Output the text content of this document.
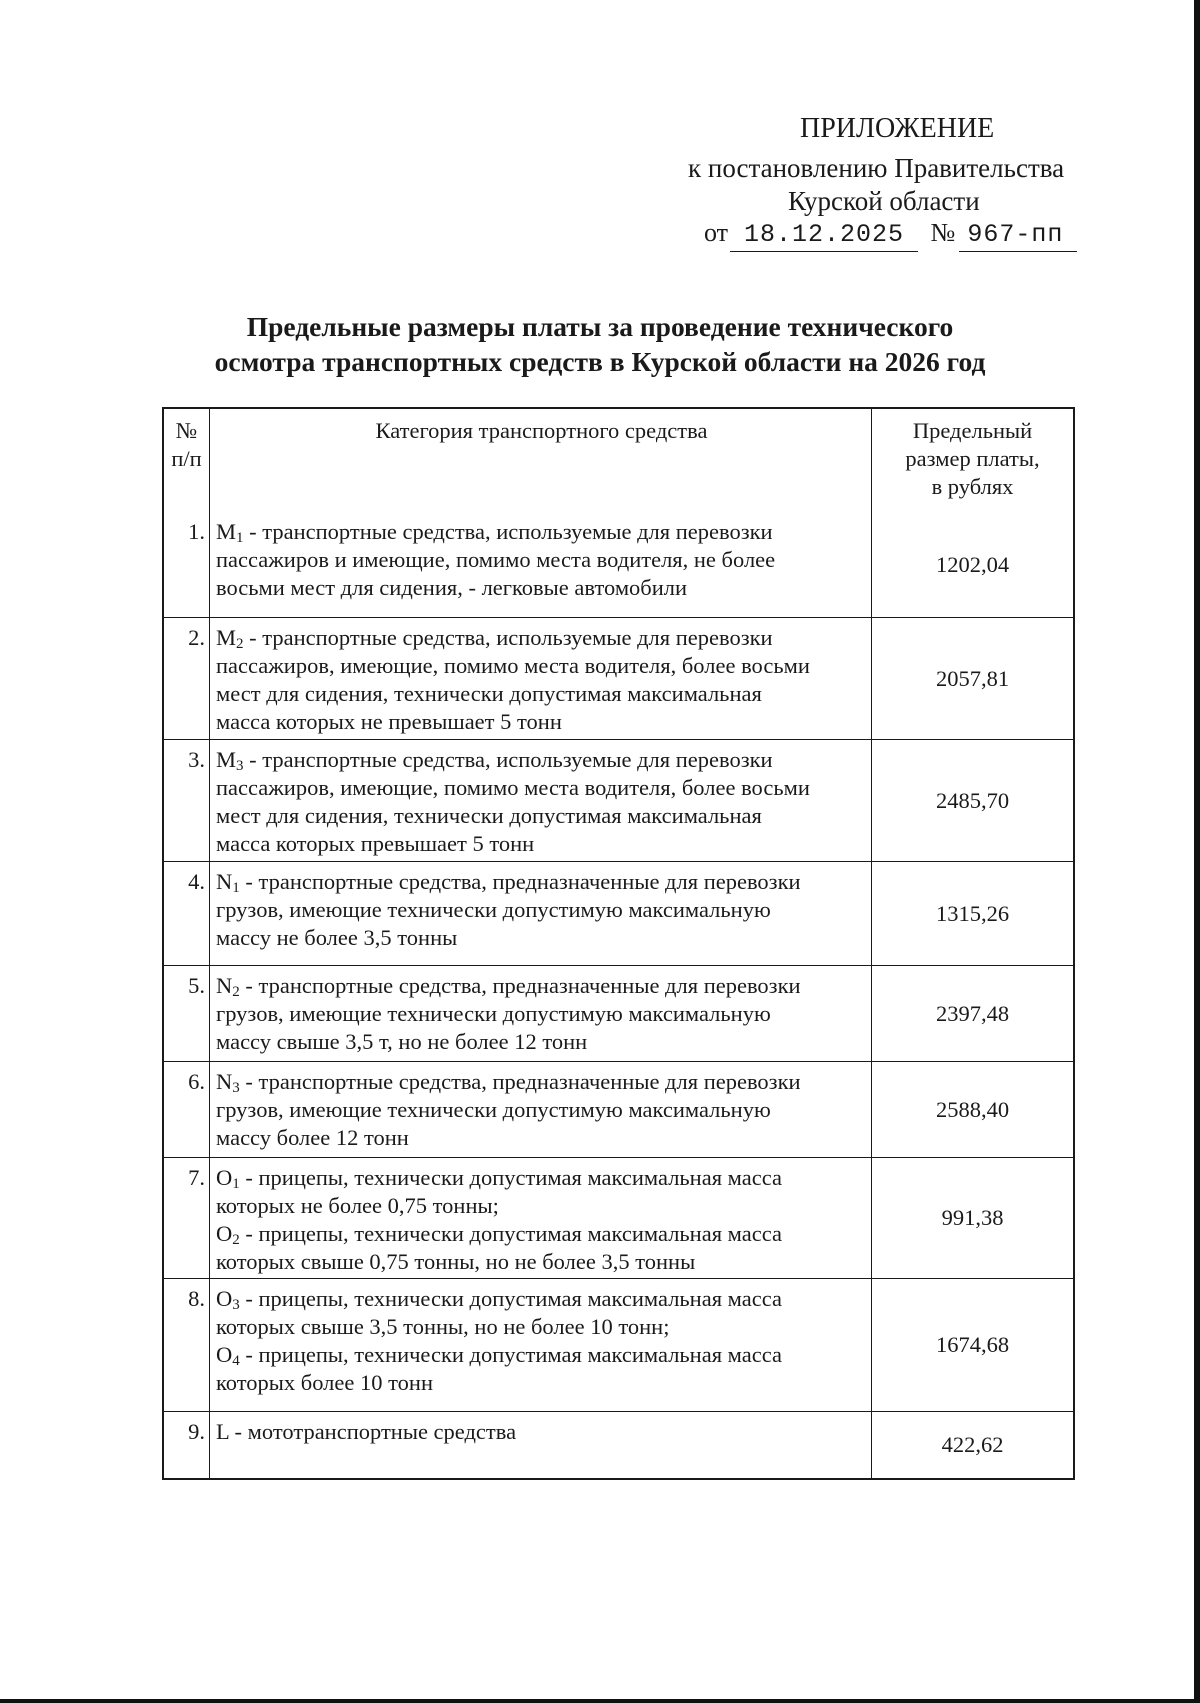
ПРИЛОЖЕНИЕ
к постановлению Правительства
Курской области
от 18.12.2025 № 967-пп
Предельные размеры платы за проведение технического
осмотра транспортных средств в Курской области на 2026 год
№
п/п
Категория транспортного средства	Предельный
размер платы,
в рублях
1. $M_1$ - транспортные средства, используемые для перевозки
пассажиров и имеющие, помимо места водителя, не более
восьми мест для сидения, - легковые автомобили
1202,04
2. $M_2$ - транспортные средства, используемые для перевозки
пассажиров, имеющие, помимо места водителя, более восьми
мест для сидения, технически допустимая максимальная
масса которых не превышает 5 тонн
2057,81
3. $M_3$ - транспортные средства, используемые для перевозки
пассажиров, имеющие, помимо места водителя, более восьми
мест для сидения, технически допустимая максимальная
масса которых превышает 5 тонн
2485,70
4. $N_1$ - транспортные средства, предназначенные для перевозки
грузов, имеющие технически допустимую максимальную
массу не более 3,5 тонны
1315,26
5. $N_2$ - транспортные средства, предназначенные для перевозки
грузов, имеющие технически допустимую максимальную
массу свыше 3,5 т, но не более 12 тонн
2397,48
6. $N_3$ - транспортные средства, предназначенные для перевозки
грузов, имеющие технически допустимую максимальную
массу более 12 тонн
2588,40
7. $O_1$ - прицепы, технически допустимая максимальная масса
которых не более 0,75 тонны;
$O_2$ - прицепы, технически допустимая максимальная масса
которых свыше 0,75 тонны, но не более 3,5 тонны
991,38
8. $O_3$ - прицепы, технически допустимая максимальная масса
которых свыше 3,5 тонны, но не более 10 тонн;
$O_4$ - прицепы, технически допустимая максимальная масса
которых более 10 тонн
1674,68
9. L - мототранспортные средства
422,62
